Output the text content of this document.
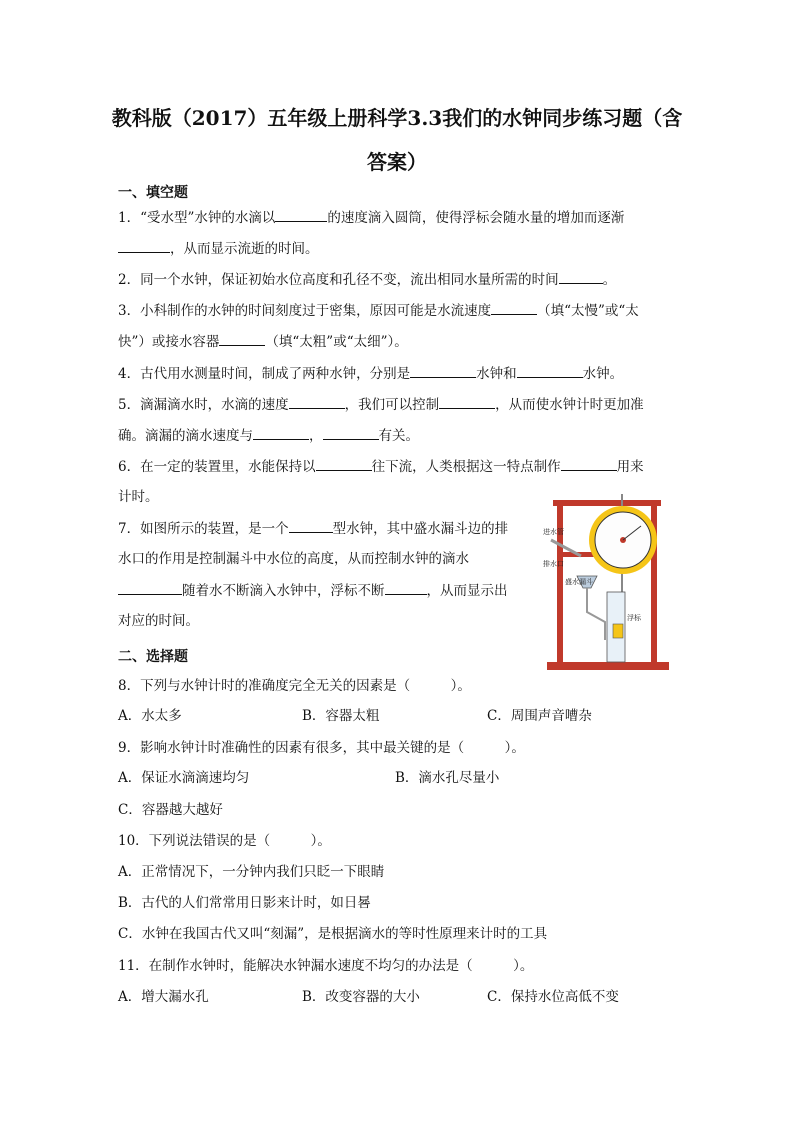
教科版（2017）五年级上册科学3.3我们的水钟同步练习题（含
答案）
一、填空题
1．“受水型”水钟的水滴以	的速度滴入圆筒，使得浮标会随水量的增加而逐渐
，从而显示流逝的时间。
2．同一个水钟，保证初始水位高度和孔径不变，流出相同水量所需的时间	。
3．小科制作的水钟的时间刻度过于密集，原因可能是水流速度	（填“太慢”或“太
快”）或接水容器	（填“太粗”或“太细”）。
4．古代用水测量时间，制成了两种水钟，分别是	水钟和	水钟。
5．滴漏滴水时，水滴的速度	，我们可以控制	，从而使水钟计时更加准
确。滴漏的滴水速度与	，	有关。
6．在一定的装置里，水能保持以	往下流，人类根据这一特点制作	用来
计时。
7．如图所示的装置，是一个	型水钟，其中盛水漏斗边的排
水口的作用是控制漏斗中水位的高度，从而控制水钟的滴水
随着水不断滴入水钟中，浮标不断	，从而显示出
对应的时间。
进水管
排水口
盛水漏斗
浮标
二、选择题
8．下列与水钟计时的准确度完全无关的因素是（　　　）。
A．水太多	B．容器太粗	C．周围声音嘈杂
9．影响水钟计时准确性的因素有很多，其中最关键的是（　　　）。
A．保证水滴滴速均匀	B．滴水孔尽量小
C．容器越大越好
10．下列说法错误的是（　　　）。
A．正常情况下，一分钟内我们只眨一下眼睛
B．古代的人们常常用日影来计时，如日晷
C．水钟在我国古代又叫“刻漏”，是根据滴水的等时性原理来计时的工具
11．在制作水钟时，能解决水钟漏水速度不均匀的办法是（　　　）。
A．增大漏水孔	B．改变容器的大小	C．保持水位高低不变
